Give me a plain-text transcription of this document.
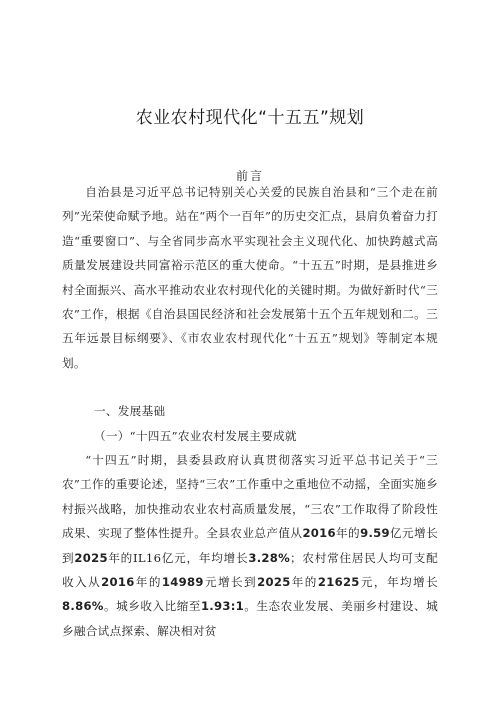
农业农村现代化“十五五”规划
前言

自治县是习近平总书记特别关心关爱的民族自治县和“三个走在前列”光荣使命赋予地。站在“两个一百年”的历史交汇点，县肩负着奋力打造“重要窗口”、与全省同步高水平实现社会主义现代化、加快跨越式高质量发展建设共同富裕示范区的重大使命。“十五五”时期，是县推进乡村全面振兴、高水平推动农业农村现代化的关键时期。为做好新时代“三农”工作，根据《自治县国民经济和社会发展第十五个五年规划和二。三五年远景目标纲要》、《市农业农村现代化“十五五”规划》等制定本规划。

一、发展基础

（一）“十四五”农业农村发展主要成就

“十四五”时期，县委县政府认真贯彻落实习近平总书记关于“三农”工作的重要论述，坚持“三农”工作重中之重地位不动摇，全面实施乡村振兴战略，加快推动农业农村高质量发展，“三农”工作取得了阶段性成果、实现了整体性提升。全县农业总产值从2016年的9.59亿元增长到2025年的IL16亿元，年均增长3.28%；农村常住居民人均可支配收入从2016年的14989元增长到2025年的21625元，年均增长8.86%。城乡收入比缩至1.93:1。生态农业发展、美丽乡村建设、城乡融合试点探索、解决相对贫
